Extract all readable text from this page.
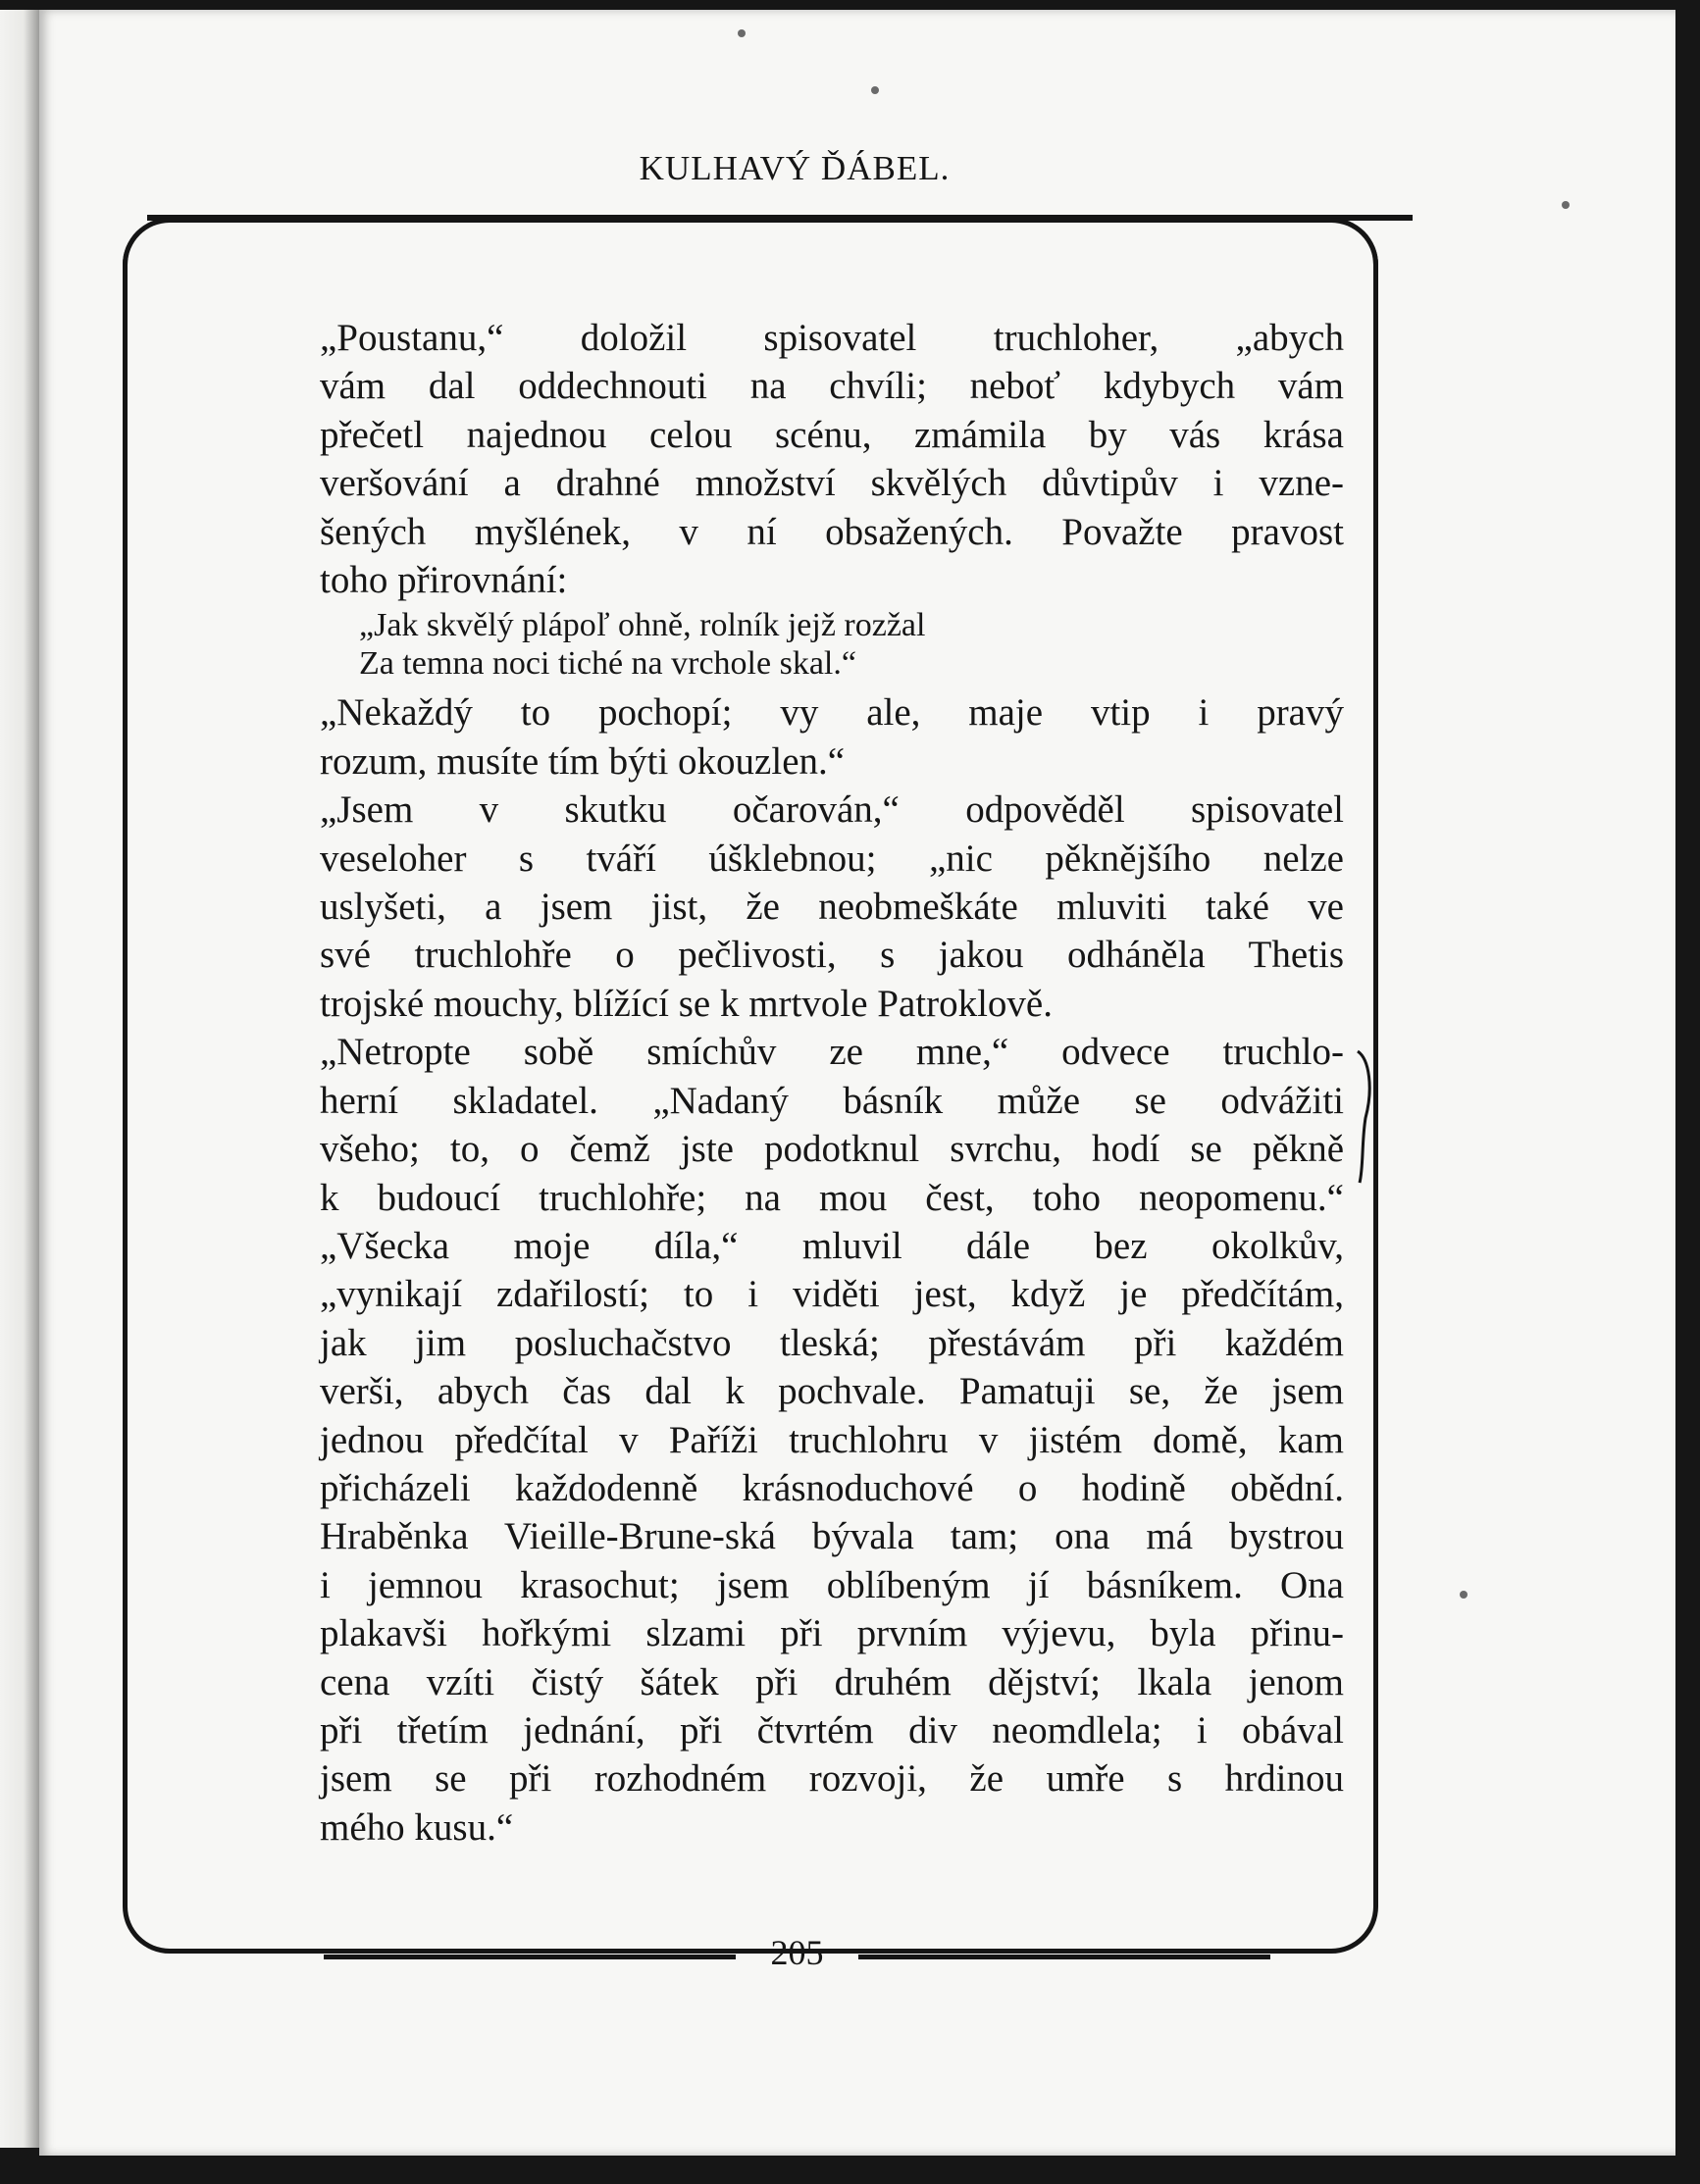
KULHAVÝ ĎÁBEL.

„Poustanu,“ doložil spisovatel truchloher, „abych
vám dal oddechnouti na chvíli; neboť kdybych vám
přečetl najednou celou scénu, zmámila by vás krása
veršování a drahné množství skvělých důvtipův i vzne-
šených myšlének, v ní obsažených. Považte pravost
toho přirovnání:

„Jak skvělý plápoľ ohně, rolník jejž rozžal
Za temna noci tiché na vrchole skal.“

„Nekaždý to pochopí; vy ale, maje vtip i pravý
rozum, musíte tím býti okouzlen.“

„Jsem v skutku očarován,“ odpověděl spisovatel
veseloher s tváří úšklebnou; „nic pěknějšího nelze
uslyšeti, a jsem jist, že neobmeškáte mluviti také ve
své truchlohře o pečlivosti, s jakou odháněla Thetis
trojské mouchy, blížící se k mrtvole Patroklově.

„Netropte sobě smíchův ze mne,“ odvece truchlo-
herní skladatel. „Nadaný básník může se odvážiti
všeho; to, o čemž jste podotknul svrchu, hodí se pěkně
k budoucí truchlohře; na mou čest, toho neopomenu.“

„Všecka moje díla,“ mluvil dále bez okolkův,
„vynikají zdařilostí; to i viděti jest, když je předčítám,
jak jim posluchačstvo tleská; přestávám při každém
verši, abych čas dal k pochvale. Pamatuji se, že jsem
jednou předčítal v Paříži truchlohru v jistém domě, kam
přicházeli každodenně krásnoduchové o hodině obědní.
Hraběnka Vieille-Brune-ská bývala tam; ona má bystrou
i jemnou krasochut; jsem oblíbeným jí básníkem. Ona
plakavši hořkými slzami při prvním výjevu, byla přinu-
cena vzíti čistý šátek při druhém dějství; lkala jenom
při třetím jednání, při čtvrtém div neomdlela; i obával
jsem se při rozhodném rozvoji, že umře s hrdinou
mého kusu.“

205
